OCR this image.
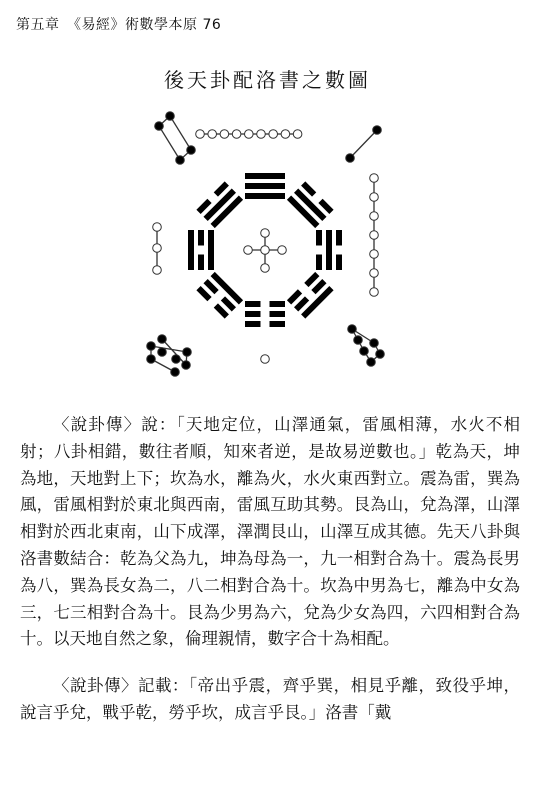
第五章　《易經》術數學本原 76
後天卦配洛書之數圖

〈說卦傳〉說：「天地定位，山澤通氣，雷風相薄，水火不相射；八卦相錯，數往者順，知來者逆，是故易逆數也。」乾為天，坤為地，天地對上下；坎為水，離為火，水火東西對立。震為雷，巽為風，雷風相對於東北與西南，雷風互助其勢。艮為山，兌為澤，山澤相對於西北東南，山下成澤，澤潤艮山，山澤互成其德。先天八卦與洛書數結合：乾為父為九，坤為母為一，九一相對合為十。震為長男為八，巽為長女為二，八二相對合為十。坎為中男為七，離為中女為三，七三相對合為十。艮為少男為六，兌為少女為四，六四相對合為十。以天地自然之象，倫理親情，數字合十為相配。

〈說卦傳〉記載：「帝出乎震，齊乎巽，相見乎離，致役乎坤，說言乎兌，戰乎乾，勞乎坎，成言乎艮。」洛書「戴
